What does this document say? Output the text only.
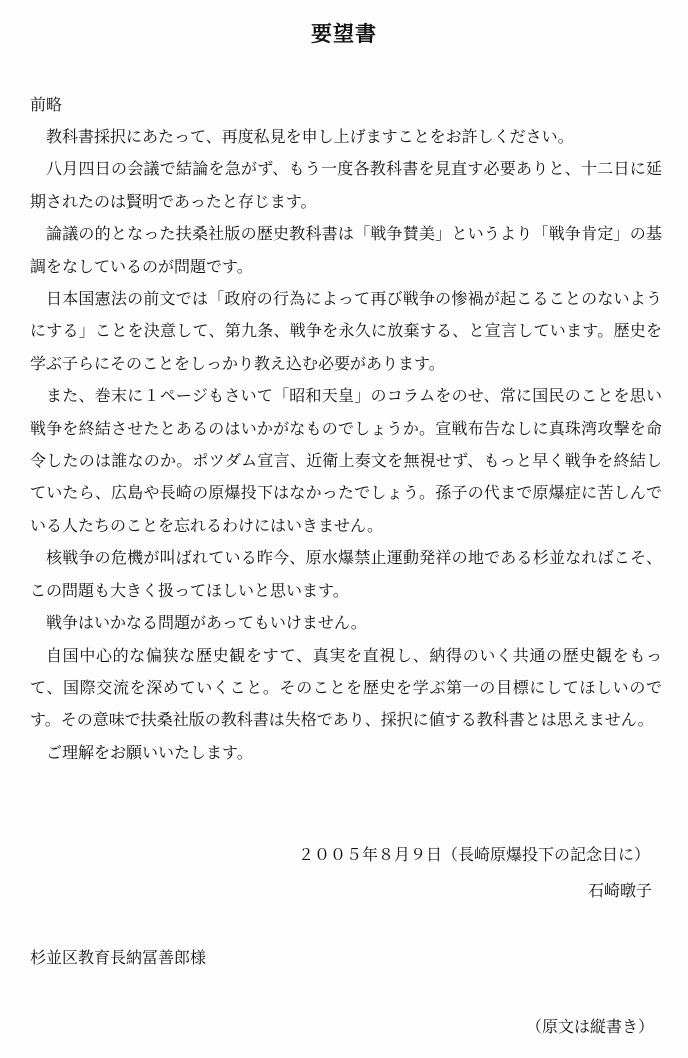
要望書
前略

教科書採択にあたって、再度私見を申し上げますことをお許しください。

八月四日の会議で結論を急がず、もう一度各教科書を見直す必要ありと、十二日に延期されたのは賢明であったと存じます。

論議の的となった扶桑社版の歴史教科書は「戦争賛美」というより「戦争肯定」の基調をなしているのが問題です。

日本国憲法の前文では「政府の行為によって再び戦争の惨禍が起こることのないようにする」ことを決意して、第九条、戦争を永久に放棄する、と宣言しています。歴史を学ぶ子らにそのことをしっかり教え込む必要があります。

また、巻末に１ページもさいて「昭和天皇」のコラムをのせ、常に国民のことを思い戦争を終結させたとあるのはいかがなものでしょうか。宣戦布告なしに真珠湾攻撃を命令したのは誰なのか。ポツダム宣言、近衛上奏文を無視せず、もっと早く戦争を終結していたら、広島や長崎の原爆投下はなかったでしょう。孫子の代まで原爆症に苦しんでいる人たちのことを忘れるわけにはいきません。

核戦争の危機が叫ばれている昨今、原水爆禁止運動発祥の地である杉並なればこそ、この問題も大きく扱ってほしいと思います。

戦争はいかなる問題があってもいけません。

自国中心的な偏狭な歴史観をすて、真実を直視し、納得のいく共通の歴史観をもって、国際交流を深めていくこと。そのことを歴史を学ぶ第一の目標にしてほしいのです。その意味で扶桑社版の教科書は失格であり、採択に値する教科書とは思えません。

ご理解をお願いいたします。

２００５年８月９日（長崎原爆投下の記念日に）
石崎暾子
杉並区教育長納冨善郎様
（原文は縦書き）
